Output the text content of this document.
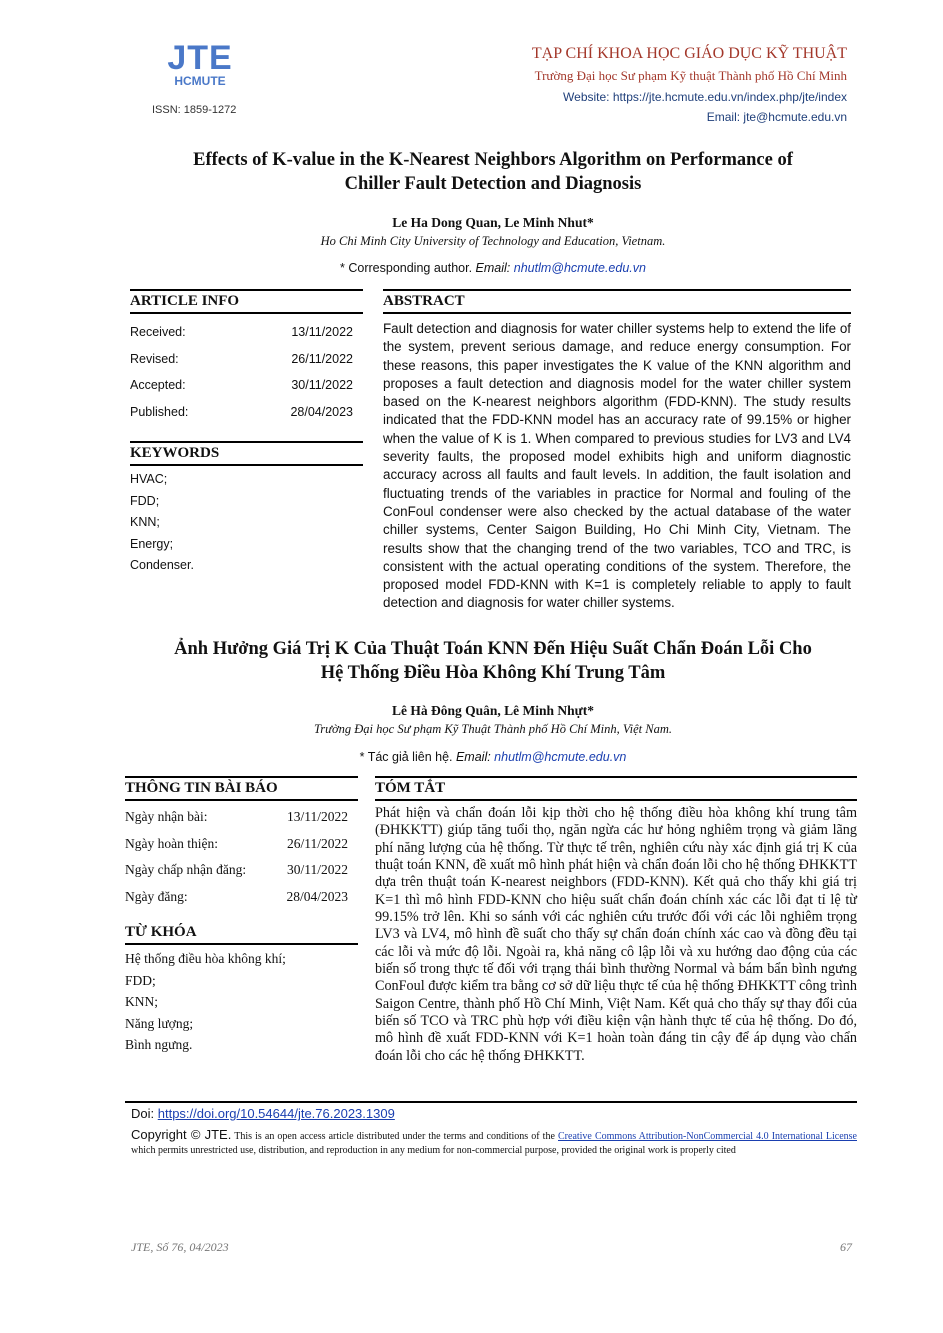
JTE
HCMUTE
ISSN: 1859-1272
TẠP CHÍ KHOA HỌC GIÁO DỤC KỸ THUẬT
Trường Đại học Sư phạm Kỹ thuật Thành phố Hồ Chí Minh
Website: https://jte.hcmute.edu.vn/index.php/jte/index
Email: jte@hcmute.edu.vn
Effects of K-value in the K-Nearest Neighbors Algorithm on Performance of
Chiller Fault Detection and Diagnosis
Le Ha Dong Quan, Le Minh Nhut*
Ho Chi Minh City University of Technology and Education, Vietnam.
* Corresponding author. Email: nhutlm@hcmute.edu.vn
ARTICLE INFO
Received:	13/11/2022
Revised:	26/11/2022
Accepted:	30/11/2022
Published:	28/04/2023
KEYWORDS
HVAC;
FDD;
KNN;
Energy;
Condenser.
ABSTRACT
Fault detection and diagnosis for water chiller systems help to extend the life of the system, prevent serious damage, and reduce energy consumption. For these reasons, this paper investigates the K value of the KNN algorithm and proposes a fault detection and diagnosis model for the water chiller system based on the K-nearest neighbors algorithm (FDD-KNN). The study results indicated that the FDD-KNN model has an accuracy rate of 99.15% or higher when the value of K is 1. When compared to previous studies for LV3 and LV4 severity faults, the proposed model exhibits high and uniform diagnostic accuracy across all faults and fault levels. In addition, the fault isolation and fluctuating trends of the variables in practice for Normal and fouling of the ConFoul condenser were also checked by the actual database of the water chiller systems, Center Saigon Building, Ho Chi Minh City, Vietnam. The results show that the changing trend of the two variables, TCO and TRC, is consistent with the actual operating conditions of the system. Therefore, the proposed model FDD-KNN with K=1 is completely reliable to apply to fault detection and diagnosis for water chiller systems.
Ảnh Hưởng Giá Trị K Của Thuật Toán KNN Đến Hiệu Suất Chẩn Đoán Lỗi Cho
Hệ Thống Điều Hòa Không Khí Trung Tâm
Lê Hà Đông Quân, Lê Minh Nhựt*
Trường Đại học Sư phạm Kỹ Thuật Thành phố Hồ Chí Minh, Việt Nam.
* Tác giả liên hệ. Email: nhutlm@hcmute.edu.vn
THÔNG TIN BÀI BÁO
Ngày nhận bài:	13/11/2022
Ngày hoàn thiện:	26/11/2022
Ngày chấp nhận đăng:	30/11/2022
Ngày đăng:	28/04/2023
TỪ KHÓA
Hệ thống điều hòa không khí;
FDD;
KNN;
Năng lượng;
Bình ngưng.
TÓM TẮT
Phát hiện và chẩn đoán lỗi kịp thời cho hệ thống điều hòa không khí trung tâm (ĐHKKTT) giúp tăng tuổi thọ, ngăn ngừa các hư hỏng nghiêm trọng và giảm lãng phí năng lượng của hệ thống. Từ thực tế trên, nghiên cứu này xác định giá trị K của thuật toán KNN, đề xuất mô hình phát hiện và chẩn đoán lỗi cho hệ thống ĐHKKTT dựa trên thuật toán K-nearest neighbors (FDD-KNN). Kết quả cho thấy khi giá trị K=1 thì mô hình FDD-KNN cho hiệu suất chẩn đoán chính xác các lỗi đạt tỉ lệ từ 99.15% trở lên. Khi so sánh với các nghiên cứu trước đối với các lỗi nghiêm trọng LV3 và LV4, mô hình đề suất cho thấy sự chẩn đoán chính xác cao và đồng đều tại các lỗi và mức độ lỗi. Ngoài ra, khả năng cô lập lỗi và xu hướng dao động của các biến số trong thực tế đối với trạng thái bình thường Normal và bám bẩn bình ngưng ConFoul được kiểm tra bằng cơ sở dữ liệu thực tế của hệ thống ĐHKKTT công trình Saigon Centre, thành phố Hồ Chí Minh, Việt Nam. Kết quả cho thấy sự thay đổi của biến số TCO và TRC phù hợp với điều kiện vận hành thực tế của hệ thống. Do đó, mô hình đề xuất FDD-KNN với K=1 hoàn toàn đáng tin cậy để áp dụng vào chẩn đoán lỗi cho các hệ thống ĐHKKTT.
Doi: https://doi.org/10.54644/jte.76.2023.1309
Copyright © JTE. This is an open access article distributed under the terms and conditions of the Creative Commons Attribution-NonCommercial 4.0 International License which permits unrestricted use, distribution, and reproduction in any medium for non-commercial purpose, provided the original work is properly cited
JTE, Số 76, 04/2023	67
